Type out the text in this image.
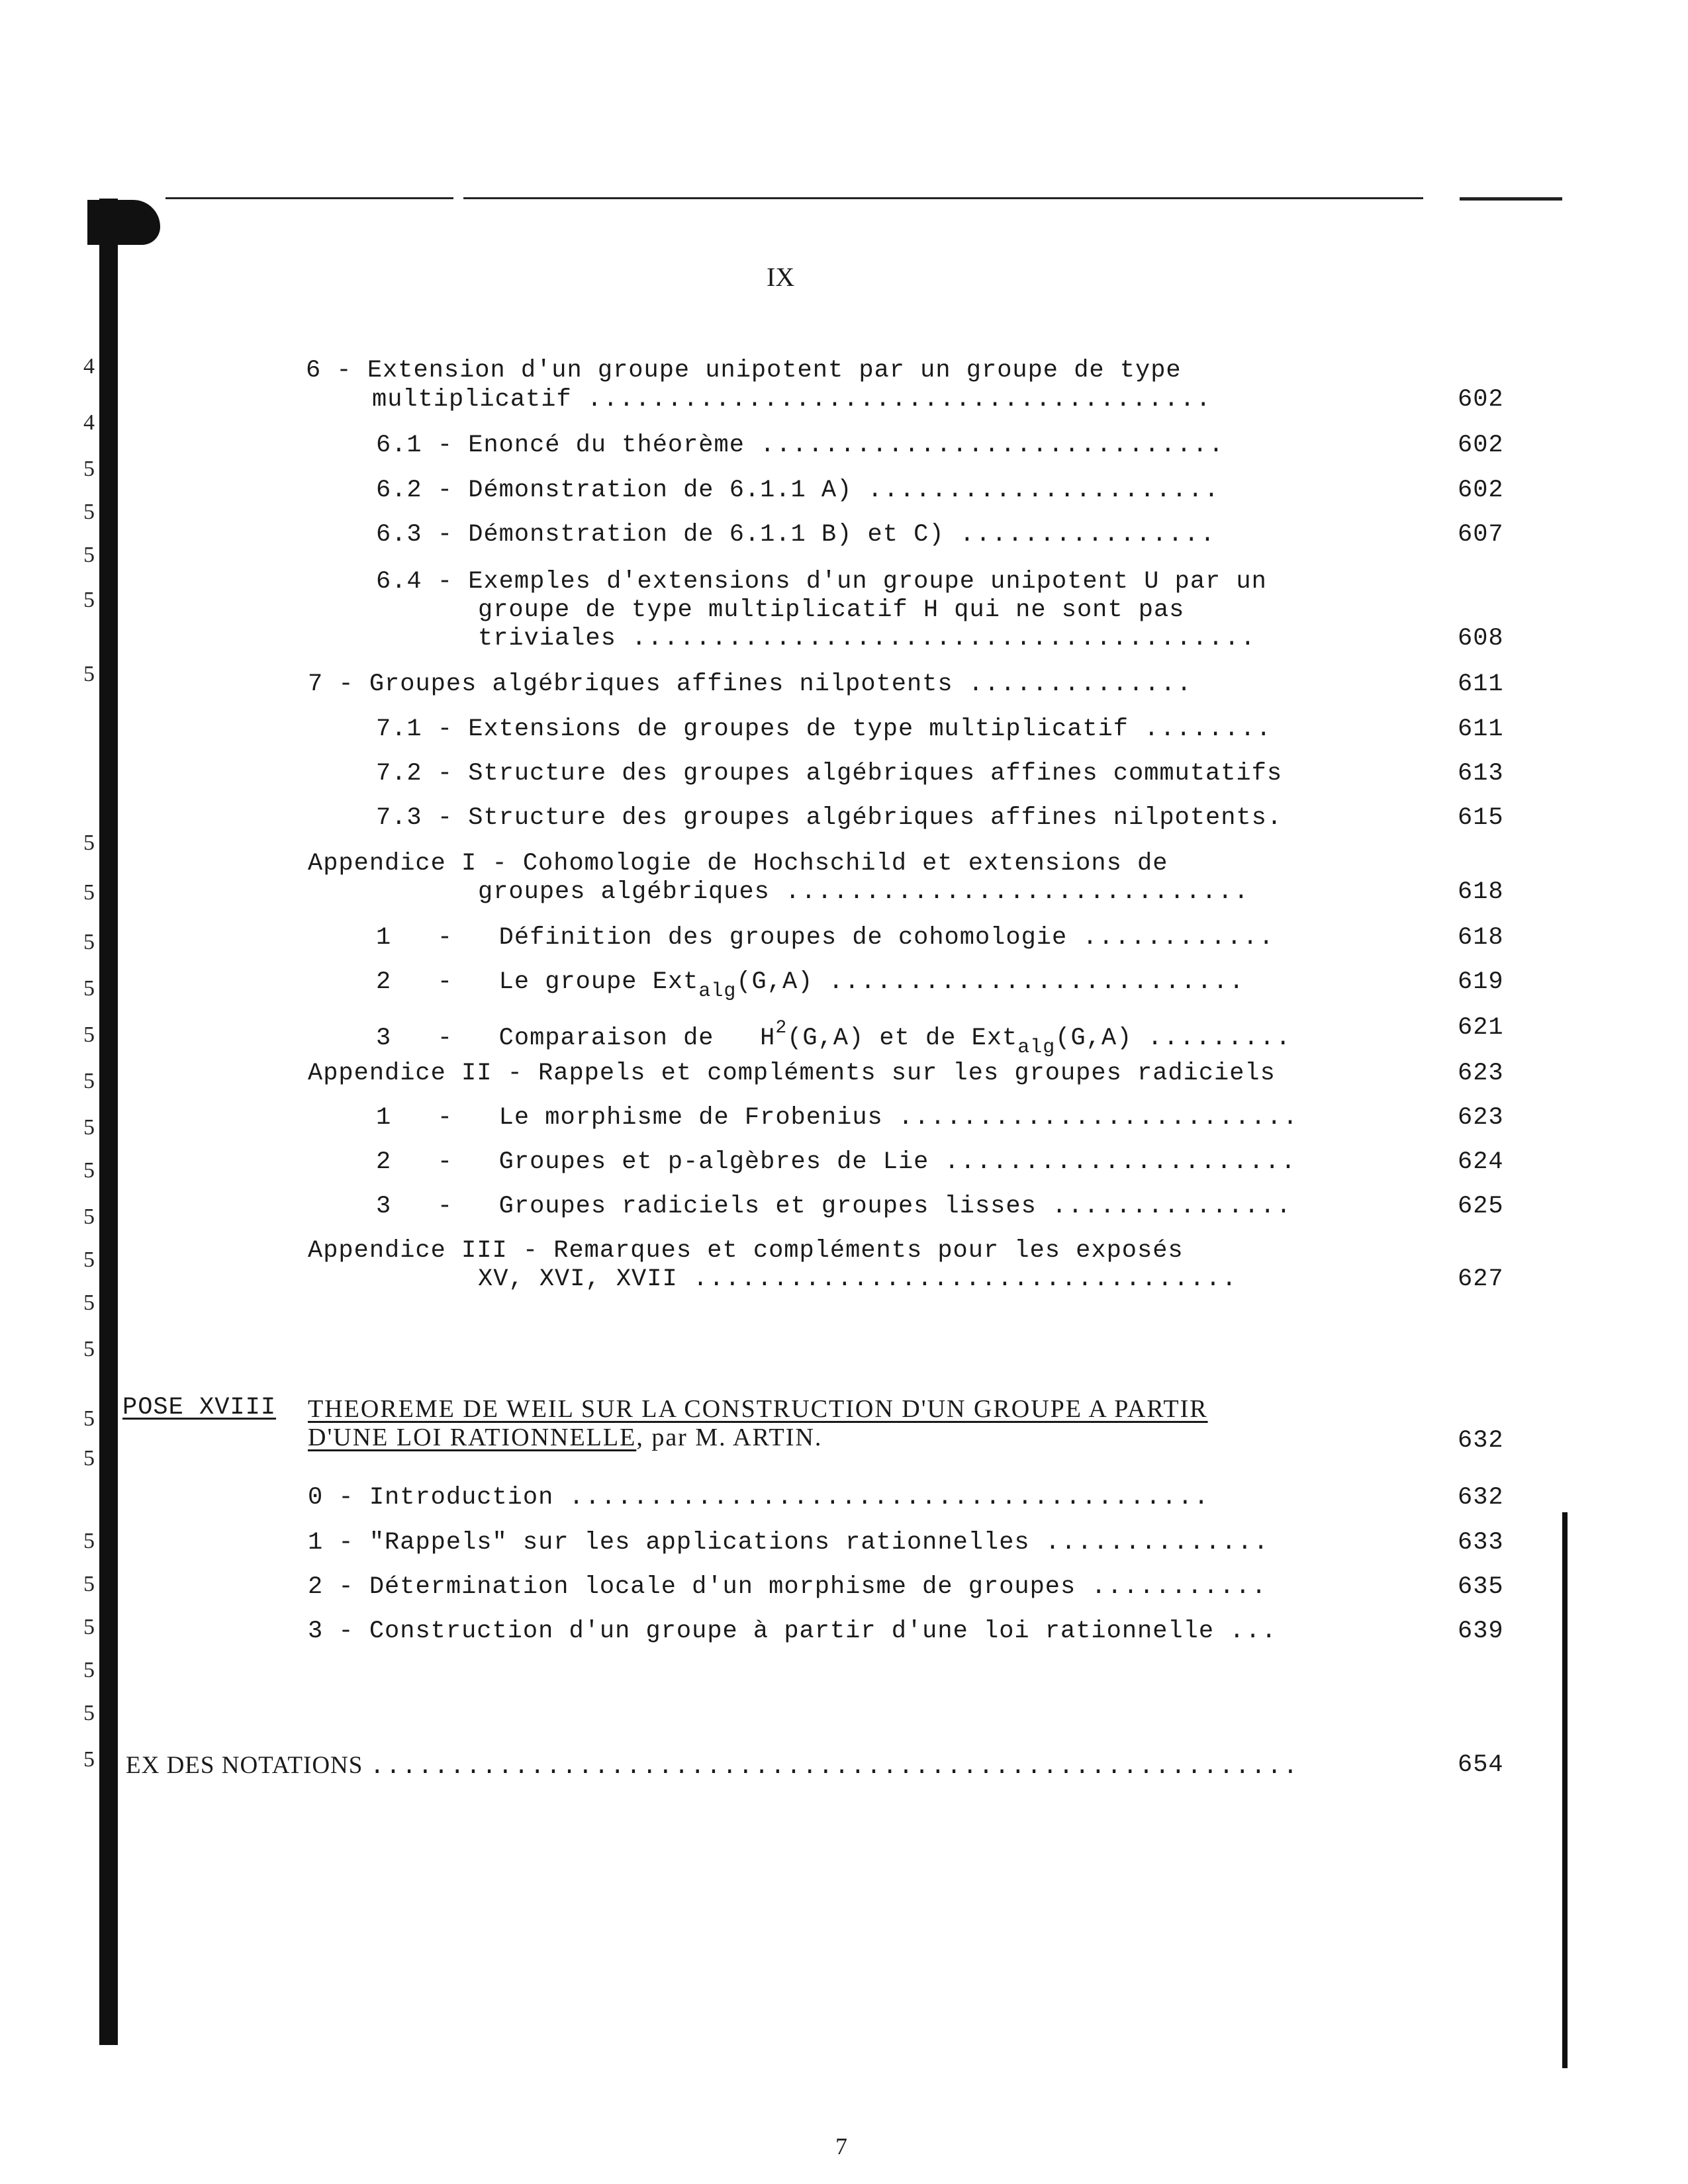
4
4
5
5
5
5
5
5
5
5
5
5
5
5
5
5
5
5
5
5
5
5
5
5
5
5
5
IX
6 - Extension d'un groupe unipotent par un groupe de type
multiplicatif .......................................	602
6.1 - Enoncé du théorème .............................	602
6.2 - Démonstration de 6.1.1 A) ......................	602
6.3 - Démonstration de 6.1.1 B) et C) ................	607
6.4 - Exemples d'extensions d'un groupe unipotent U par un
groupe de type multiplicatif H qui ne sont pas
triviales .......................................	608
7 - Groupes algébriques affines nilpotents ..............	611
7.1 - Extensions de groupes de type multiplicatif ........	611
7.2 - Structure des groupes algébriques affines commutatifs	613
7.3 - Structure des groupes algébriques affines nilpotents.	615
Appendice I - Cohomologie de Hochschild et extensions de
groupes algébriques .............................	618
1   -   Définition des groupes de cohomologie ............	618
2   -   Le groupe Ext$_{alg}$(G,A) ..........................	619
3   -   Comparaison de $H^2(G,A)$ et de Ext$_{alg}$(G,A) .........	621
Appendice II - Rappels et compléments sur les groupes radiciels	623
1   -   Le morphisme de Frobenius .........................	623
2   -   Groupes et p-algèbres de Lie ......................	624
3   -   Groupes radiciels et groupes lisses ...............	625
Appendice III - Remarques et compléments pour les exposés
XV, XVI, XVII ..................................	627
POSE XVIII THEOREME DE WEIL SUR LA CONSTRUCTION D'UN GROUPE A PARTIR
D'UNE LOI RATIONNELLE, par M. ARTIN.	632
0 - Introduction ........................................	632
1 - "Rappels" sur les applications rationnelles ..............	633
2 - Détermination locale d'un morphisme de groupes ...........	635
3 - Construction d'un groupe à partir d'une loi rationnelle ...	639
EX DES NOTATIONS ..........................................................	654
7
